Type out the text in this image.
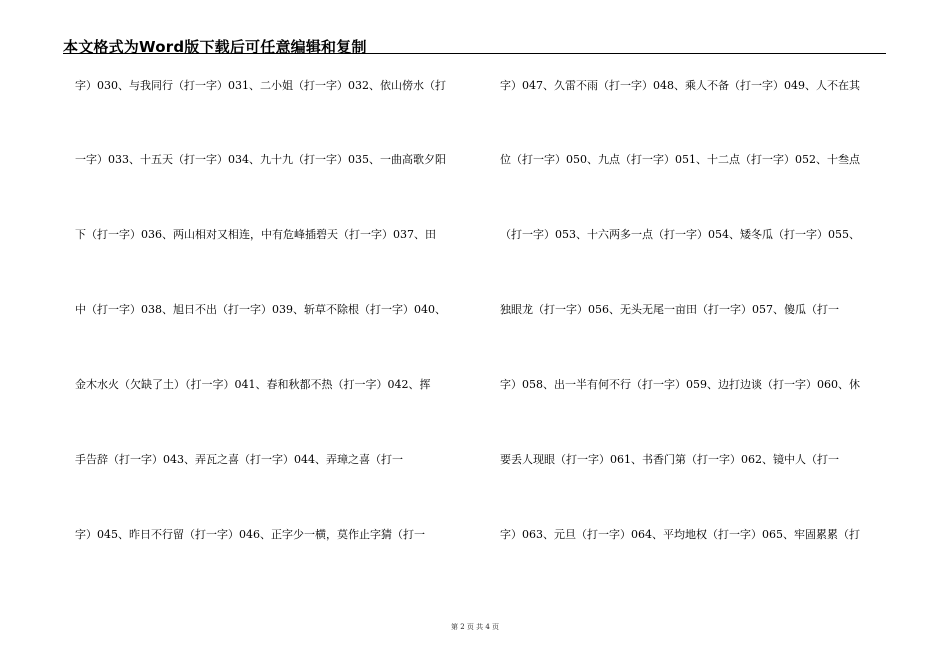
本文格式为Word版下载后可任意编辑和复制
字）030、与我同行（打一字）031、二小姐（打一字）032、依山傍水（打
一字）033、十五天（打一字）034、九十九（打一字）035、一曲高歌夕阳
下（打一字）036、两山相对又相连，中有危峰插碧天（打一字）037、田
中（打一字）038、旭日不出（打一字）039、斩草不除根（打一字）040、
金木水火（欠缺了土）（打一字）041、春和秋都不热（打一字）042、挥
手告辞（打一字）043、弄瓦之喜（打一字）044、弄璋之喜（打一
字）045、昨日不行留（打一字）046、正字少一横，莫作止字猜（打一
字）047、久雷不雨（打一字）048、乘人不备（打一字）049、人不在其
位（打一字）050、九点（打一字）051、十二点（打一字）052、十叁点
（打一字）053、十六两多一点（打一字）054、矮冬瓜（打一字）055、
独眼龙（打一字）056、无头无尾一亩田（打一字）057、傻瓜（打一
字）058、出一半有何不行（打一字）059、边打边谈（打一字）060、休
要丢人现眼（打一字）061、书香门第（打一字）062、镜中人（打一
字）063、元旦（打一字）064、平均地权（打一字）065、牢固累累（打
第 2 页 共 4 页
